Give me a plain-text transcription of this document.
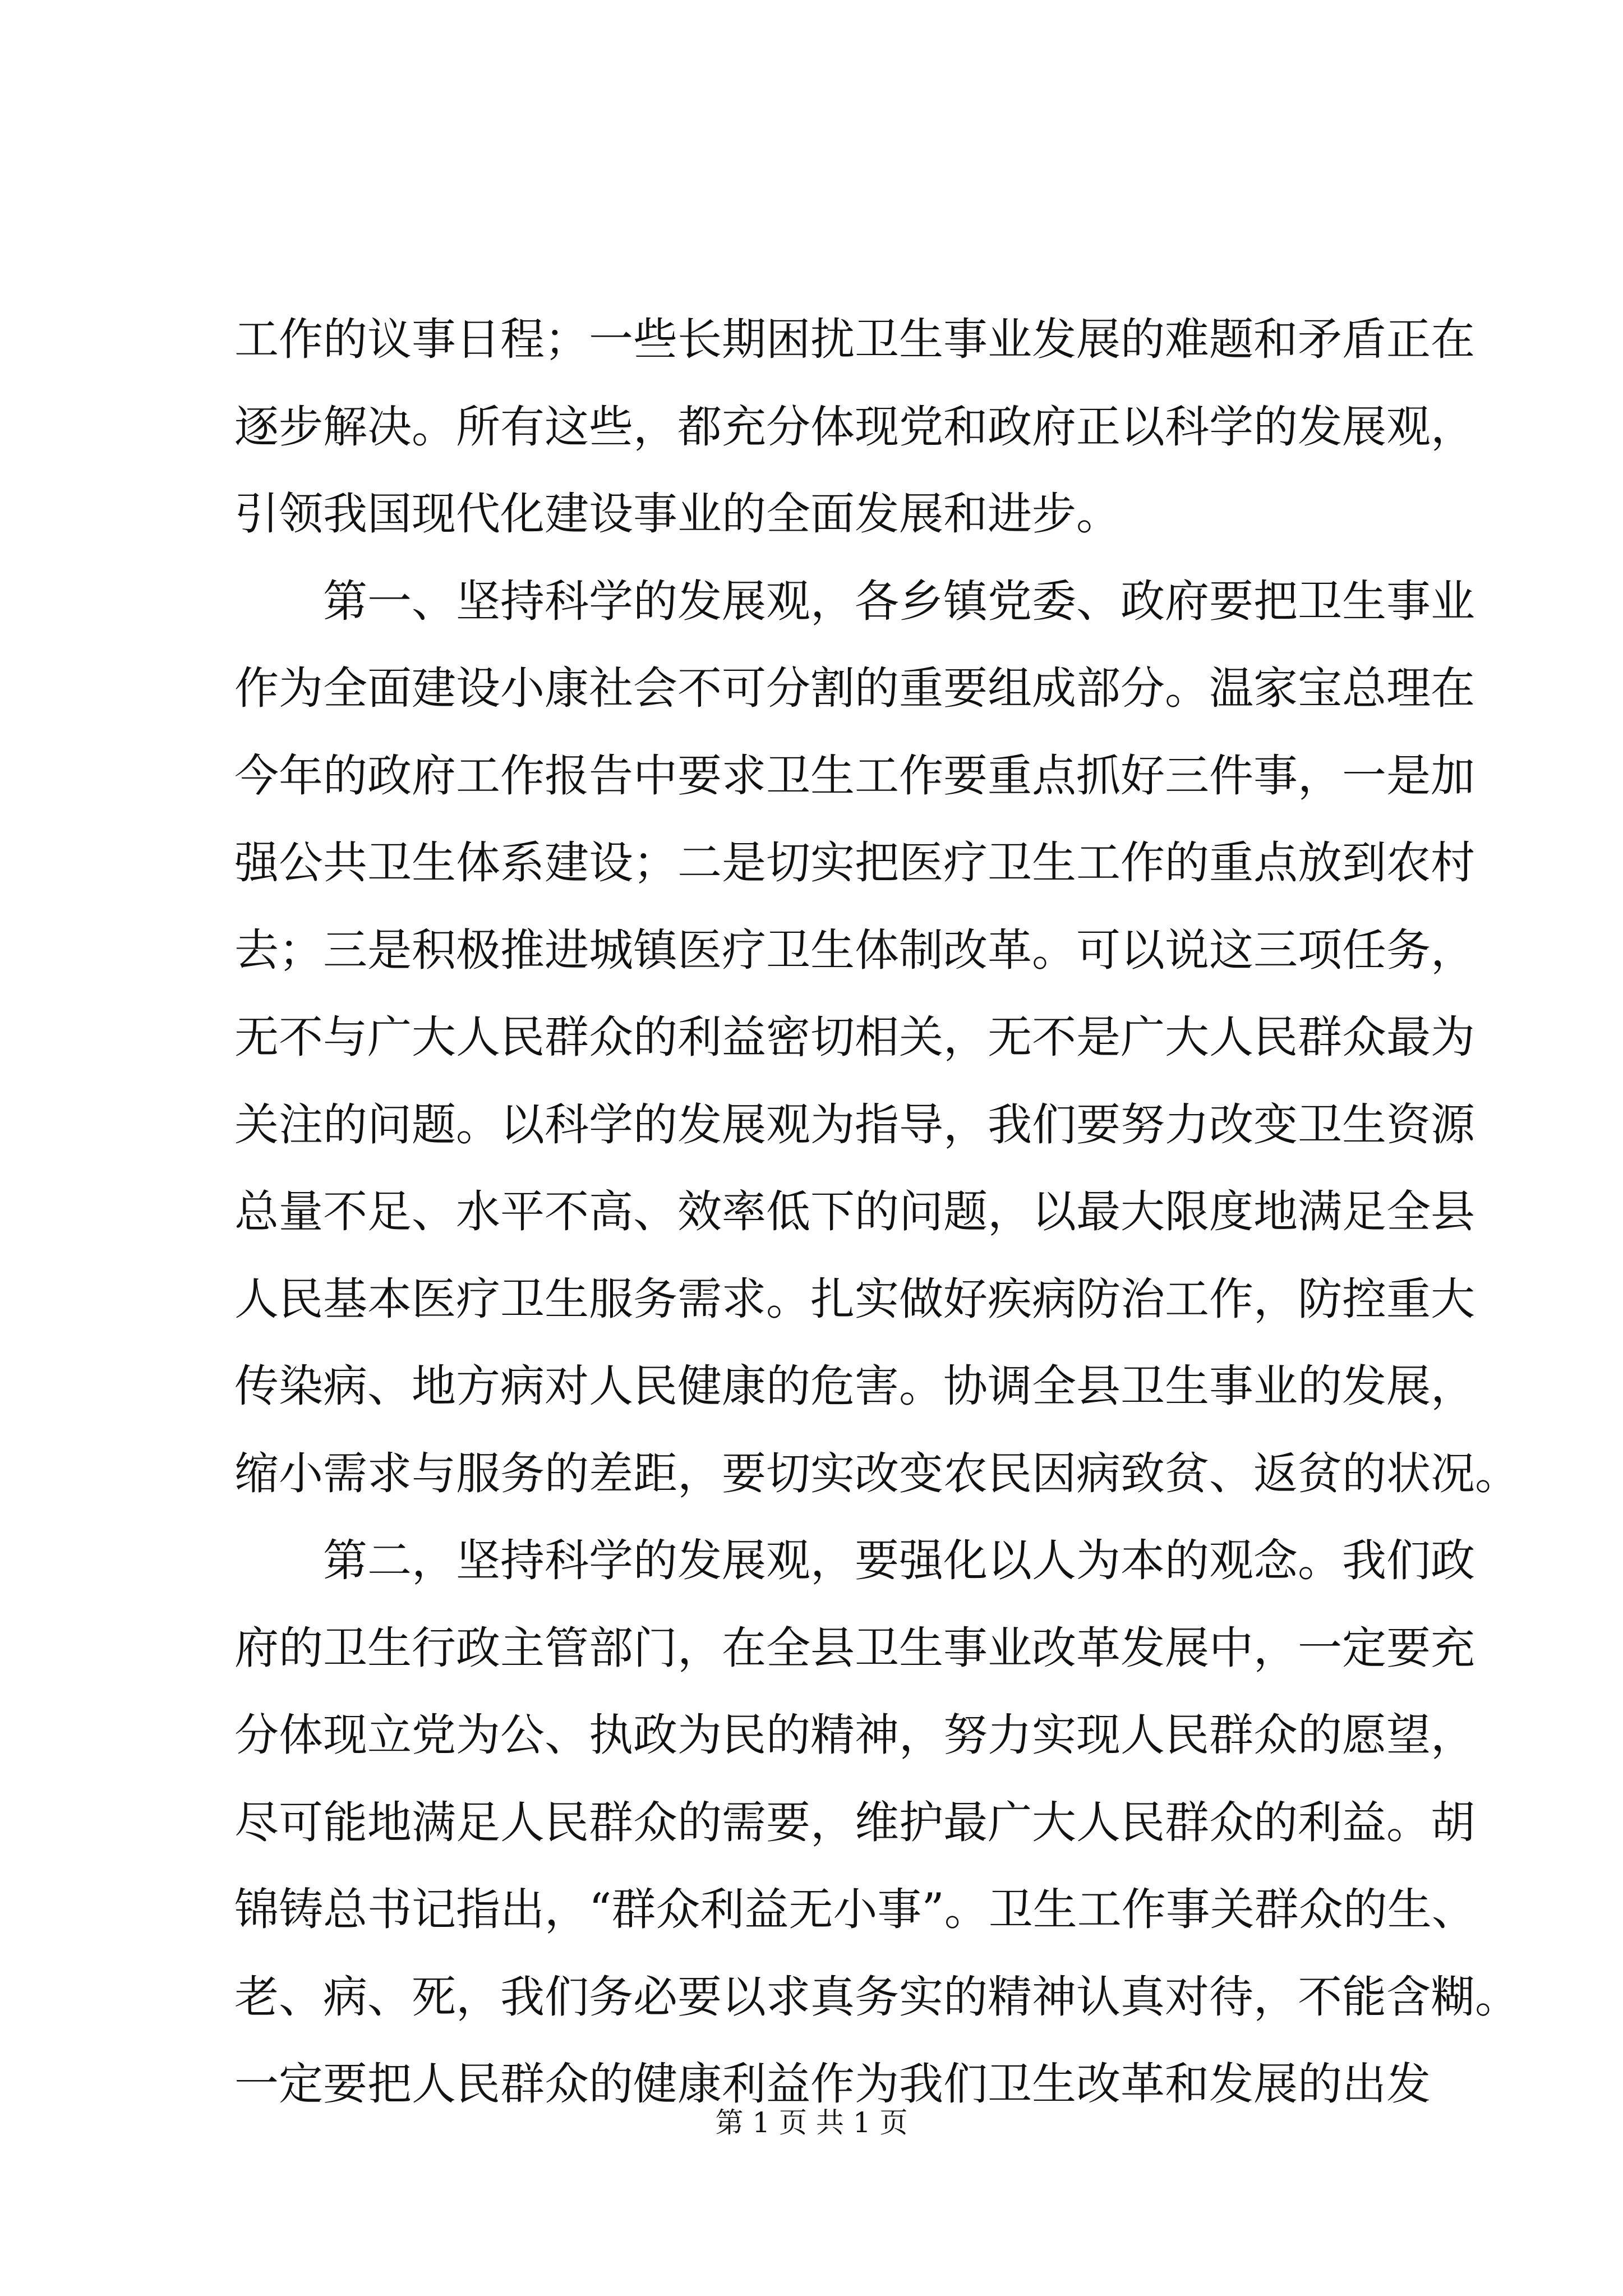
工作的议事日程；一些长期困扰卫生事业发展的难题和矛盾正在
逐步解决。所有这些，都充分体现党和政府正以科学的发展观，
引领我国现代化建设事业的全面发展和进步。
第一、坚持科学的发展观，各乡镇党委、政府要把卫生事业
作为全面建设小康社会不可分割的重要组成部分。温家宝总理在
今年的政府工作报告中要求卫生工作要重点抓好三件事，一是加
强公共卫生体系建设；二是切实把医疗卫生工作的重点放到农村
去；三是积极推进城镇医疗卫生体制改革。可以说这三项任务，
无不与广大人民群众的利益密切相关，无不是广大人民群众最为
关注的问题。以科学的发展观为指导，我们要努力改变卫生资源
总量不足、水平不高、效率低下的问题，以最大限度地满足全县
人民基本医疗卫生服务需求。扎实做好疾病防治工作，防控重大
传染病、地方病对人民健康的危害。协调全县卫生事业的发展，
缩小需求与服务的差距，要切实改变农民因病致贫、返贫的状况。
第二，坚持科学的发展观，要强化以人为本的观念。我们政
府的卫生行政主管部门，在全县卫生事业改革发展中，一定要充
分体现立党为公、执政为民的精神，努力实现人民群众的愿望，
尽可能地满足人民群众的需要，维护最广大人民群众的利益。胡
锦铸总书记指出，“群众利益无小事”。卫生工作事关群众的生、
老、病、死，我们务必要以求真务实的精神认真对待，不能含糊。
一定要把人民群众的健康利益作为我们卫生改革和发展的出发
第 1 页 共 1 页
